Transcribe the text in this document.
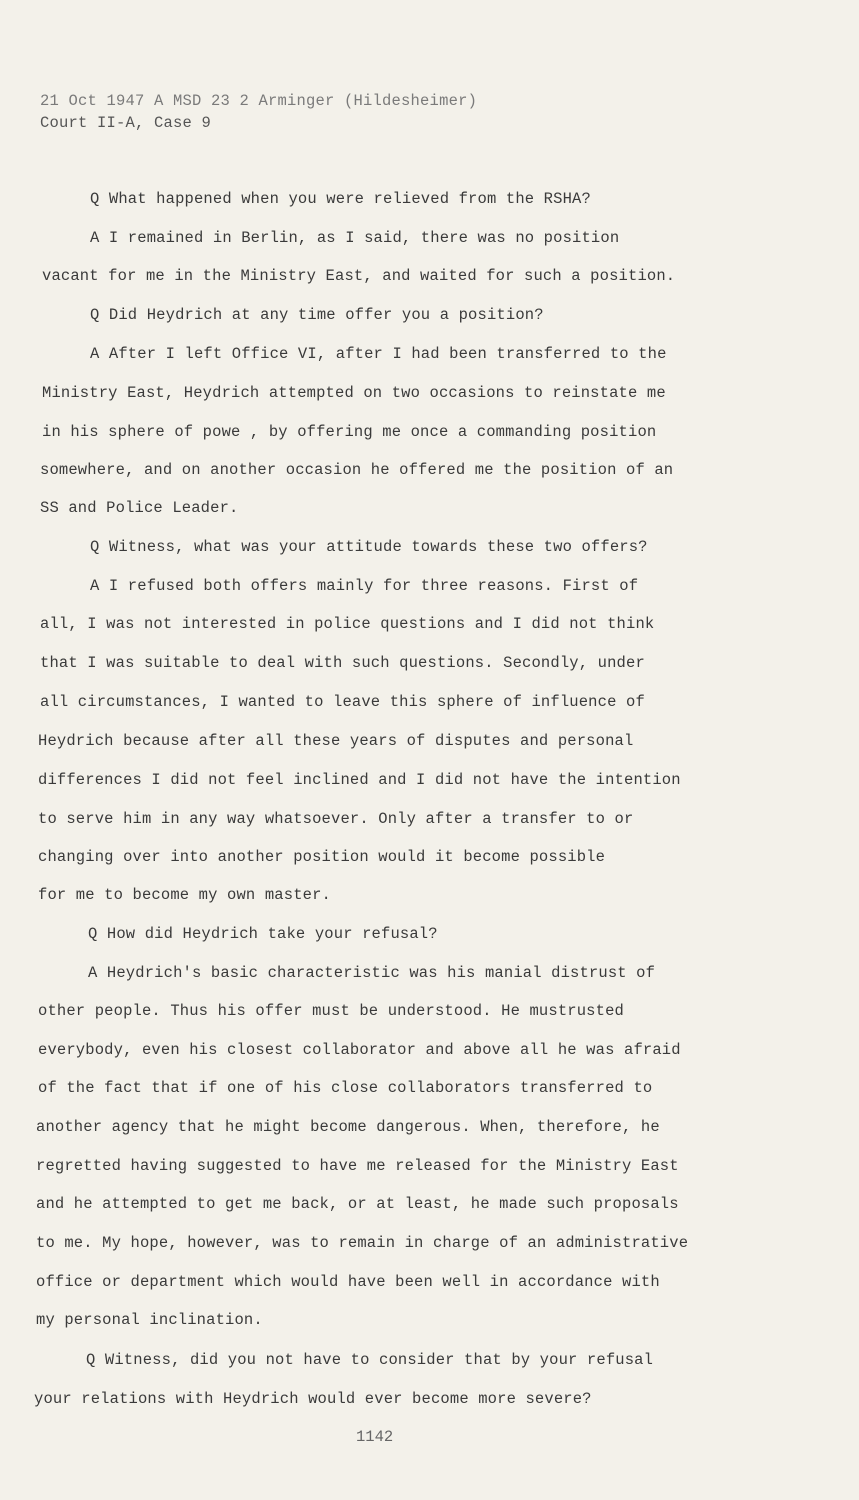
21 Oct 1947 A MSD 23 2 Arminger (Hildesheimer)
Court II-A, Case 9
Q What happened when you were relieved from the RSHA?
A I remained in Berlin, as I said, there was no position
vacant for me in the Ministry East, and waited for such a position.
Q Did Heydrich at any time offer you a position?
A After I left Office VI, after I had been transferred to the
Ministry East, Heydrich attempted on two occasions to reinstate me
in his sphere of powe , by offering me once a commanding position
somewhere, and on another occasion he offered me the position of an
SS and Police Leader.
Q Witness, what was your attitude towards these two offers?
A I refused both offers mainly for three reasons. First of
all, I was not interested in police questions and I did not think
that I was suitable to deal with such questions. Secondly, under
all circumstances, I wanted to leave this sphere of influence of
Heydrich because after all these years of disputes and personal
differences I did not feel inclined and I did not have the intention
to serve him in any way whatsoever. Only after a transfer to or
changing over into another position would it become possible
for me to become my own master.
Q How did Heydrich take your refusal?
A Heydrich's basic characteristic was his manial distrust of
other people. Thus his offer must be understood. He mustrusted
everybody, even his closest collaborator and above all he was afraid
of the fact that if one of his close collaborators transferred to
another agency that he might become dangerous. When, therefore, he
regretted having suggested to have me released for the Ministry East
and he attempted to get me back, or at least, he made such proposals
to me. My hope, however, was to remain in charge of an administrative
office or department which would have been well in accordance with
my personal inclination.
Q Witness, did you not have to consider that by your refusal
your relations with Heydrich would ever become more severe?
1142
